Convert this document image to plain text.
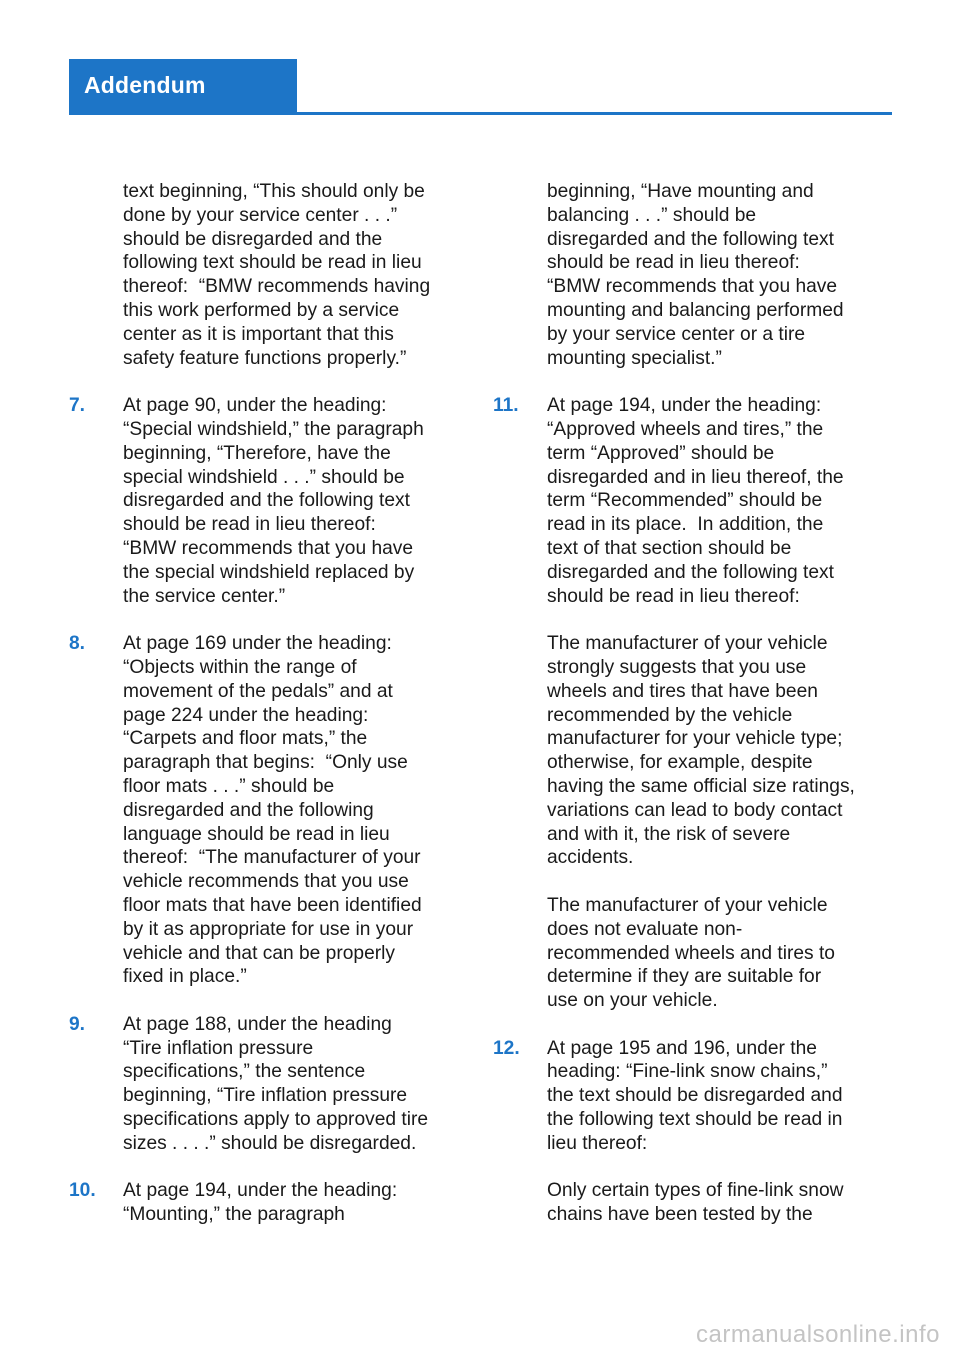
Addendum

text beginning, “This should only be
done by your service center . . .”
should be disregarded and the
following text should be read in lieu
thereof:  “BMW recommends having
this work performed by a service
center as it is important that this
safety feature functions properly.”

7.	At page 90, under the heading:
“Special windshield,” the paragraph
beginning, “Therefore, have the
special windshield . . .” should be
disregarded and the following text
should be read in lieu thereof:
“BMW recommends that you have
the special windshield replaced by
the service center.”

8.	At page 169 under the heading:
“Objects within the range of
movement of the pedals” and at
page 224 under the heading:
“Carpets and floor mats,” the
paragraph that begins:  “Only use
floor mats . . .” should be
disregarded and the following
language should be read in lieu
thereof:  “The manufacturer of your
vehicle recommends that you use
floor mats that have been identified
by it as appropriate for use in your
vehicle and that can be properly
fixed in place.”

9.	At page 188, under the heading
“Tire inflation pressure
specifications,” the sentence
beginning, “Tire inflation pressure
specifications apply to approved tire
sizes . . . .” should be disregarded.

10.	At page 194, under the heading:
“Mounting,” the paragraph

beginning, “Have mounting and
balancing . . .” should be
disregarded and the following text
should be read in lieu thereof:
“BMW recommends that you have
mounting and balancing performed
by your service center or a tire
mounting specialist.”

11.	At page 194, under the heading:
“Approved wheels and tires,” the
term “Approved” should be
disregarded and in lieu thereof, the
term “Recommended” should be
read in its place.  In addition, the
text of that section should be
disregarded and the following text
should be read in lieu thereof:

The manufacturer of your vehicle
strongly suggests that you use
wheels and tires that have been
recommended by the vehicle
manufacturer for your vehicle type;
otherwise, for example, despite
having the same official size ratings,
variations can lead to body contact
and with it, the risk of severe
accidents.

The manufacturer of your vehicle
does not evaluate non-
recommended wheels and tires to
determine if they are suitable for
use on your vehicle.

12.	At page 195 and 196, under the
heading: “Fine-link snow chains,”
the text should be disregarded and
the following text should be read in
lieu thereof:

Only certain types of fine-link snow
chains have been tested by the

carmanualsonline.info
